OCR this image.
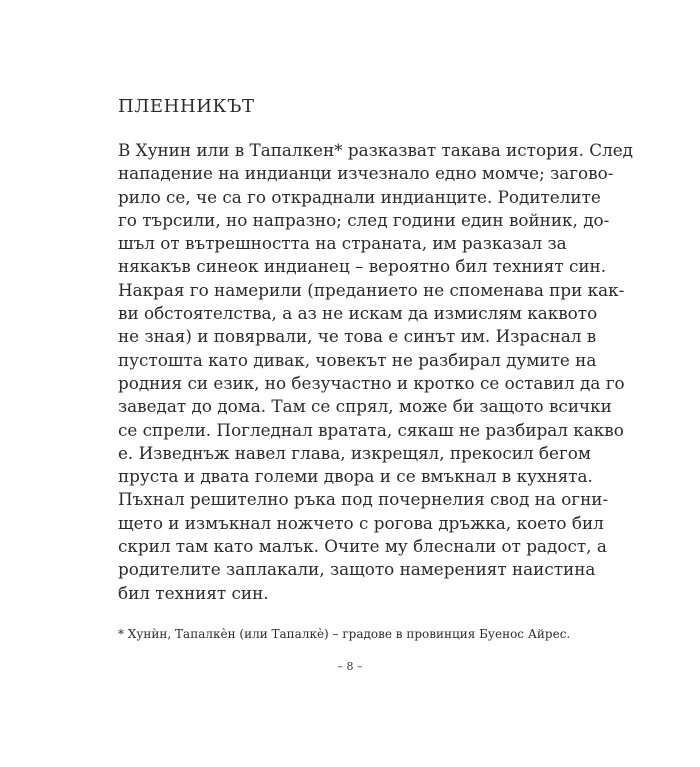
ПЛЕННИКЪТ
В Хунин или в Тапалкен* разказват такава история. След
нападение на индианци изчезнало едно момче; загово-
рило се, че са го откраднали индианците. Родителите
го търсили, но напразно; след години един войник, до-
шъл от вътрешността на страната, им разказал за
някакъв синеок индианец – вероятно бил техният син.
Накрая го намерили (преданието не споменава при как-
ви обстоятелства, а аз не искам да измислям каквото
не зная) и повярвали, че това е синът им. Израснал в
пустошта като дивак, човекът не разбирал думите на
родния си език, но безучастно и кротко се оставил да го
заведат до дома. Там се спрял, може би защото всички
се спрели. Погледнал вратата, сякаш не разбирал какво
е. Изведнъж навел глава, изкрещял, прекосил бегом
пруста и двата големи двора и се вмъкнал в кухнята.
Пъхнал решително ръка под почернелия свод на огни-
щето и измъкнал ножчето с рогова дръжка, което бил
скрил там като малък. Очите му блеснали от радост, а
родителите заплакали, защото намереният наистина
бил техният син.
* Хунѝн, Тапалкѐн (или Тапалкѐ) – градове в провинция Буенос Айрес.
– 8 –
